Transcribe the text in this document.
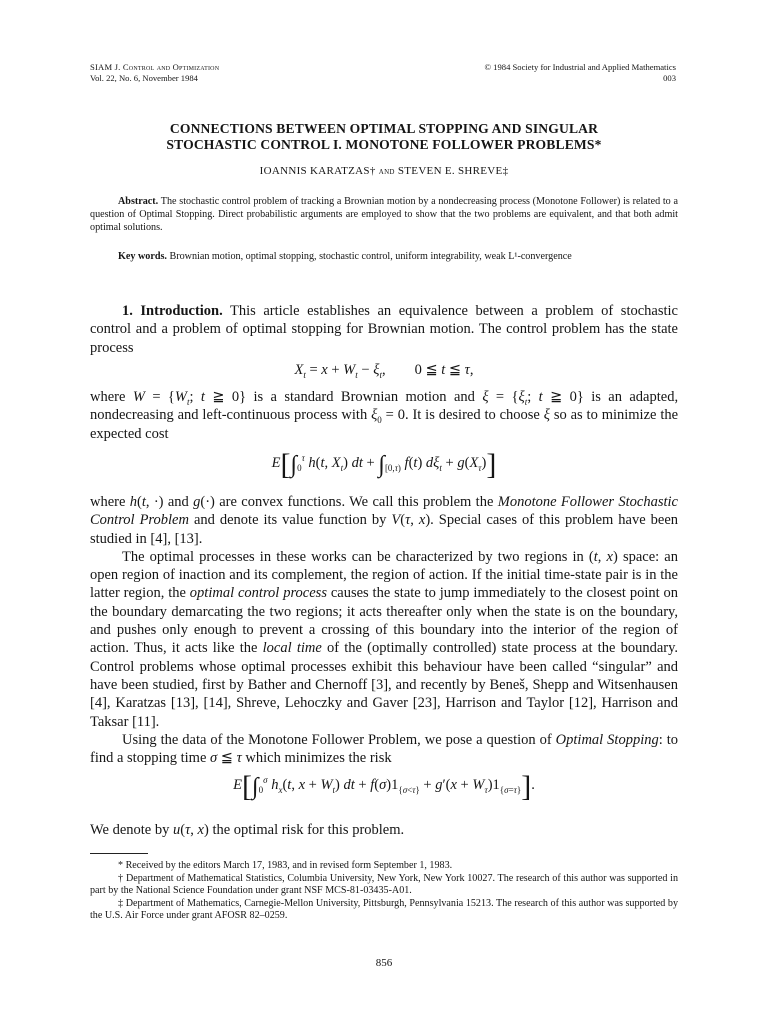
SIAM J. Control and Optimization
Vol. 22, No. 6, November 1984
© 1984 Society for Industrial and Applied Mathematics
003
CONNECTIONS BETWEEN OPTIMAL STOPPING AND SINGULAR
STOCHASTIC CONTROL I. MONOTONE FOLLOWER PROBLEMS*
IOANNIS KARATZAS† and STEVEN E. SHREVE‡

Abstract. The stochastic control problem of tracking a Brownian motion by a nondecreasing process (Monotone Follower) is related to a question of Optimal Stopping. Direct probabilistic arguments are employed to show that the two problems are equivalent, and that both admit optimal solutions.

Key words. Brownian motion, optimal stopping, stochastic control, uniform integrability, weak L¹-convergence

1. Introduction. This article establishes an equivalence between a problem of stochastic control and a problem of optimal stopping for Brownian motion. The control problem has the state process

$X_t = x + W_t - \xi_t$,        0 ≦ t ≦ τ,

where $W = \{W_t$; t ≧ 0} is a standard Brownian motion and $\xi = \{\xi_t$; t ≧ 0} is an adapted, nondecreasing and left-continuous process with $\xi_0 = 0$. It is desired to choose ξ so as to minimize the expected cost

$E[\int_0^\tau$ h(t, $X_t$) dt + $\int_{[0,\tau)}$ f(t) $d\xi_t + g(X_\tau)$]

where h(t, ·) and g(·) are convex functions. We call this problem the Monotone Follower Stochastic Control Problem and denote its value function by V(τ, x). Special cases of this problem have been studied in [4], [13].

The optimal processes in these works can be characterized by two regions in (t, x) space: an open region of inaction and its complement, the region of action. If the initial time-state pair is in the latter region, the optimal control process causes the state to jump immediately to the closest point on the boundary demarcating the two regions; it acts thereafter only when the state is on the boundary, and pushes only enough to prevent a crossing of this boundary into the interior of the region of action. Thus, it acts like the local time of the (optimally controlled) state process at the boundary. Control problems whose optimal processes exhibit this behaviour have been called “singular” and have been studied, first by Bather and Chernoff [3], and recently by Beneš, Shepp and Witsenhausen [4], Karatzas [13], [14], Shreve, Lehoczky and Gaver [23], Harrison and Taylor [12], Harrison and Taksar [11].

Using the data of the Monotone Follower Problem, we pose a question of Optimal Stopping: to find a stopping time σ ≦ τ which minimizes the risk

$E[\int_0^\sigma$ $h_x(t$, $x + W_t$) dt + $f(\sigma)1_{\{\sigma<\tau\}} + g'(x + W_\tau)1_{\{\sigma=\tau\}}$].

We denote by u(τ, x) the optimal risk for this problem.

* Received by the editors March 17, 1983, and in revised form September 1, 1983.

† Department of Mathematical Statistics, Columbia University, New York, New York 10027. The research of this author was supported in part by the National Science Foundation under grant NSF MCS-81-03435-A01.

‡ Department of Mathematics, Carnegie-Mellon University, Pittsburgh, Pennsylvania 15213. The research of this author was supported by the U.S. Air Force under grant AFOSR 82–0259.

856
